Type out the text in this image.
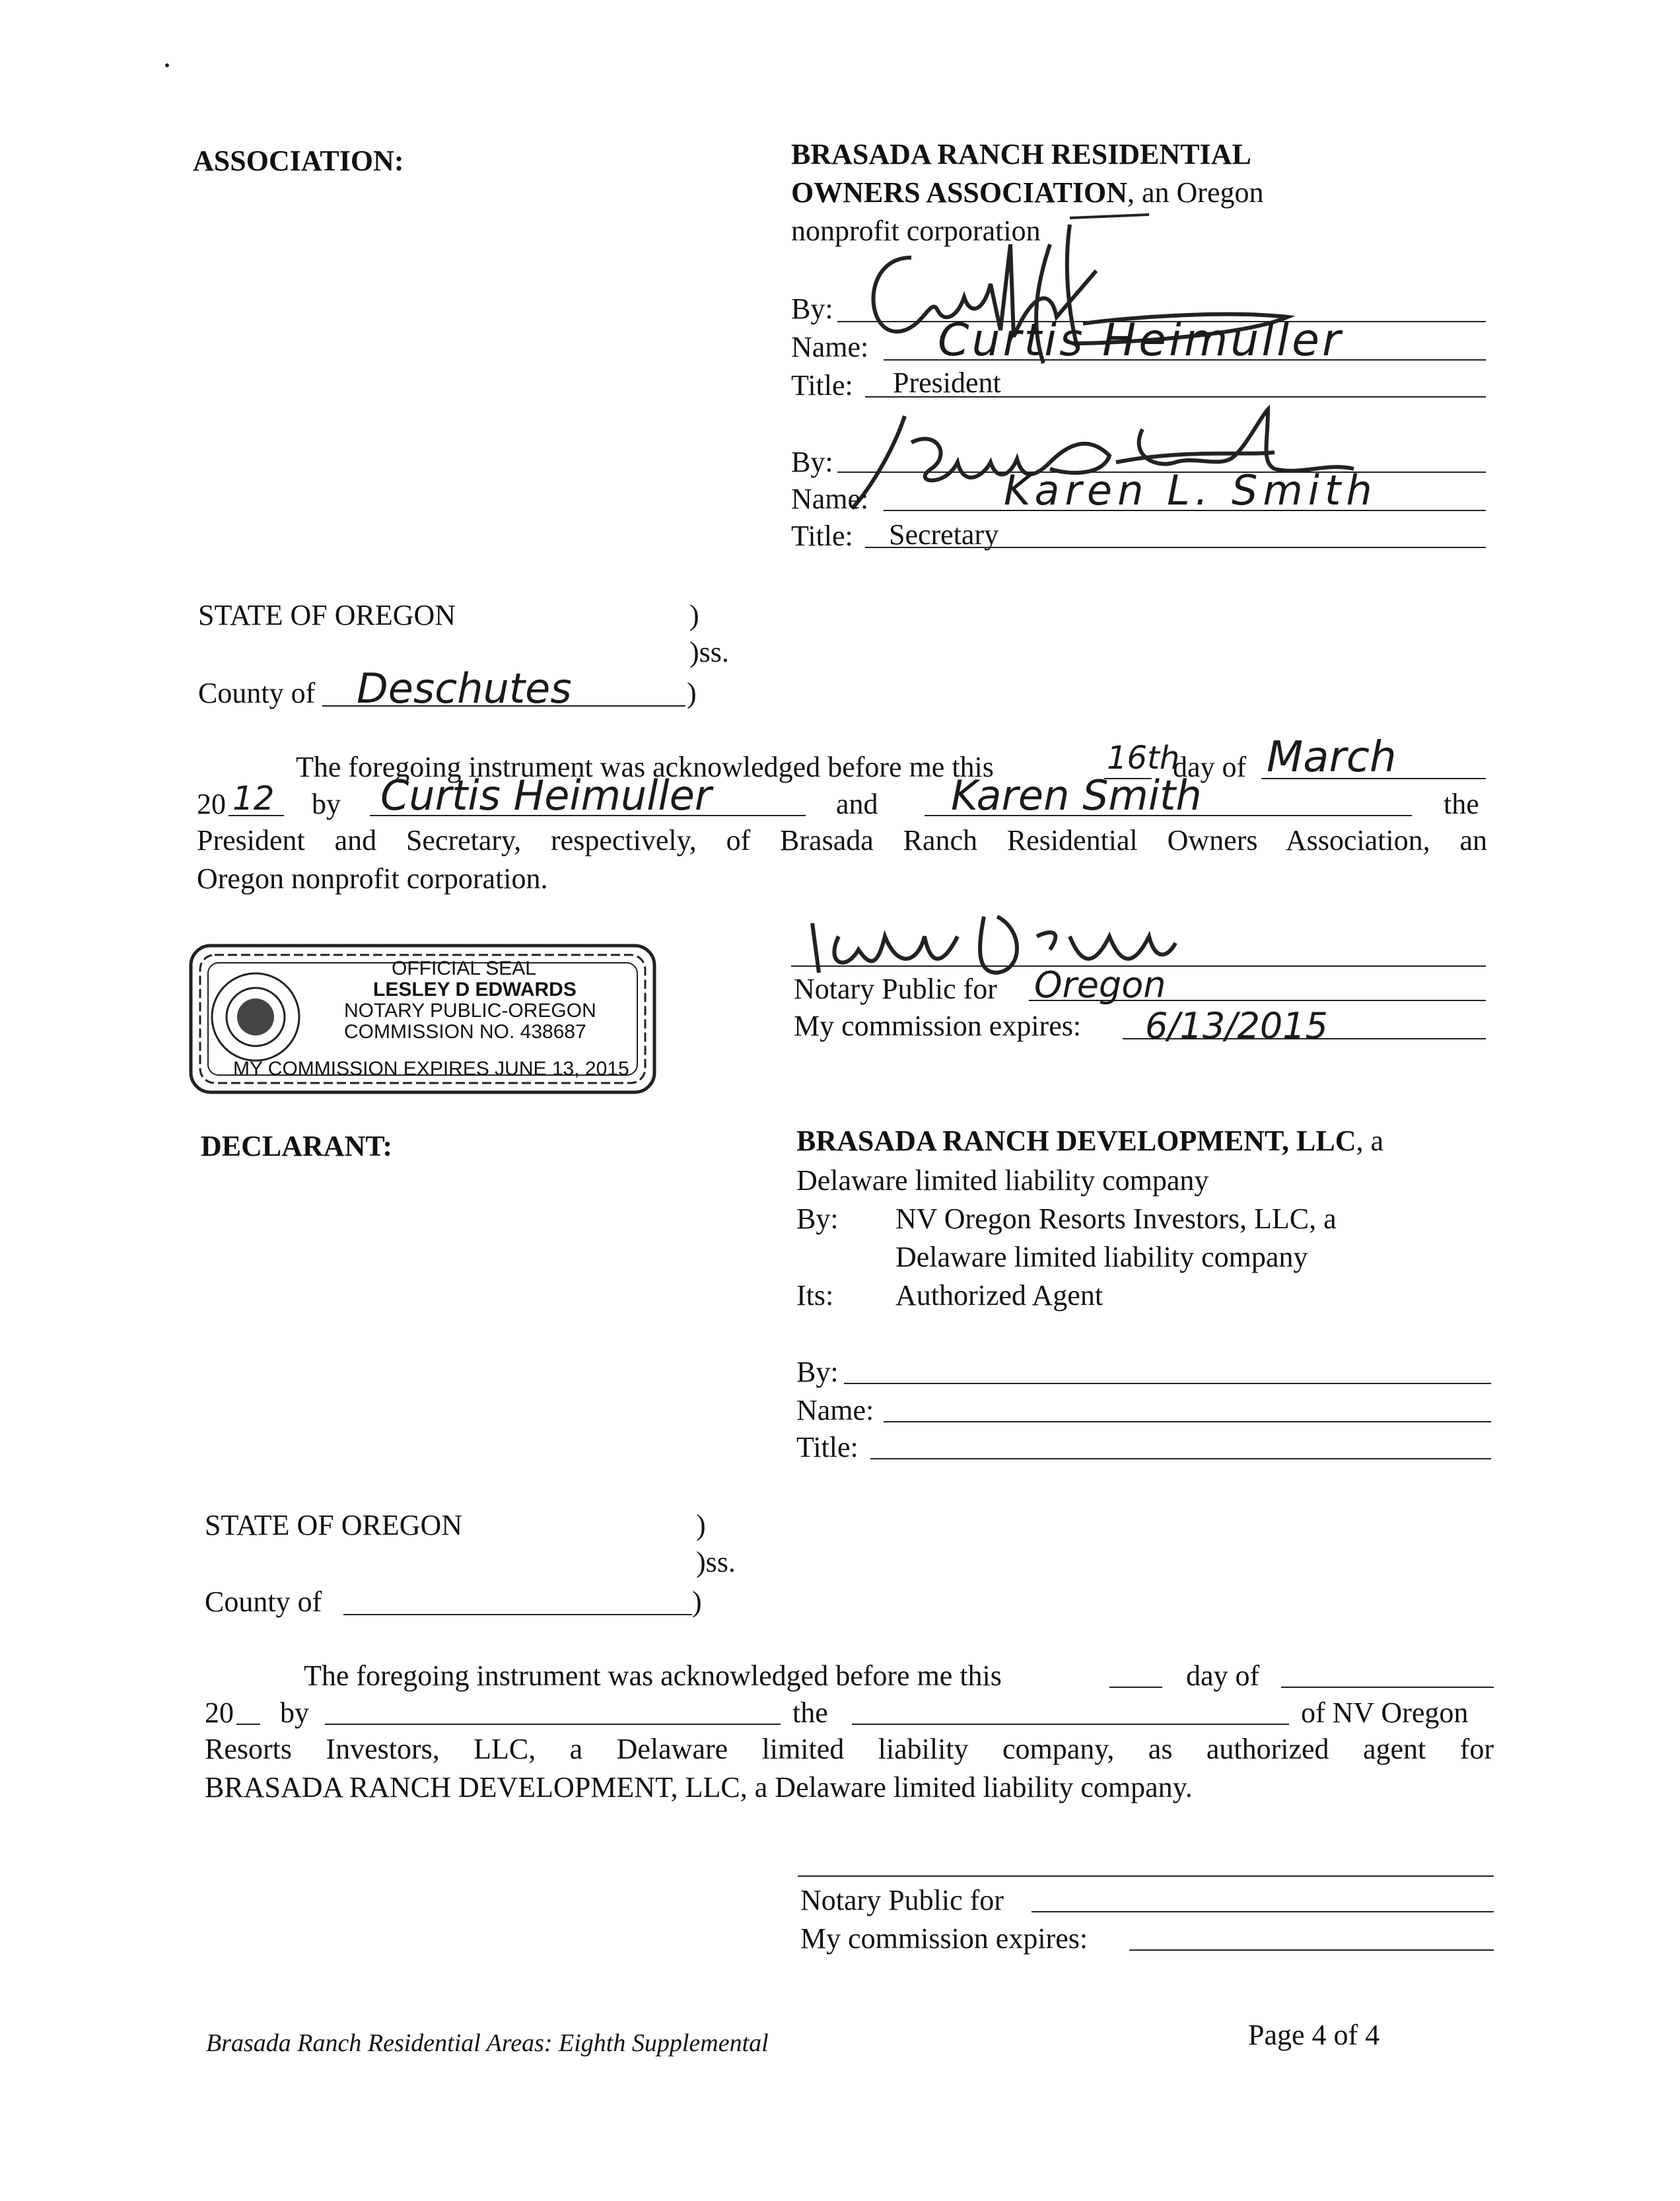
ASSOCIATION:	BRASADA RANCH RESIDENTIAL
OWNERS ASSOCIATION, an Oregon
nonprofit corporation
By:
Name: Curtis Heimuller
Title: President
By:
Name:	Karen L. Smith
Title: Secretary
STATE OF OREGON	)
)ss.
County of Deschutes	)
The foregoing instrument was acknowledged before me this	16th
day of March
20 12 by Curtis Heimuller	and Karen Smith	the
President and Secretary, respectively, of Brasada Ranch Residential Owners Association, an
Oregon nonprofit corporation.
OFFICIAL SEAL
LESLEY D EDWARDS
NOTARY PUBLIC-OREGON
COMMISSION NO. 438687
MY COMMISSION EXPIRES JUNE 13, 2015
Notary Public for Oregon
My commission expires: 6/13/2015
DECLARANT:	BRASADA RANCH DEVELOPMENT, LLC, a
Delaware limited liability company
By: NV Oregon Resorts Investors, LLC, a
Delaware limited liability company
Its: Authorized Agent
By:
Name:
Title:
STATE OF OREGON	)
)ss.
County of	)
The foregoing instrument was acknowledged before me this	day of
20 by	the	of NV Oregon
Resorts Investors, LLC, a Delaware limited liability company, as authorized agent for
BRASADA RANCH DEVELOPMENT, LLC, a Delaware limited liability company.
Notary Public for
My commission expires:
Brasada Ranch Residential Areas: Eighth Supplemental	Page 4 of 4
